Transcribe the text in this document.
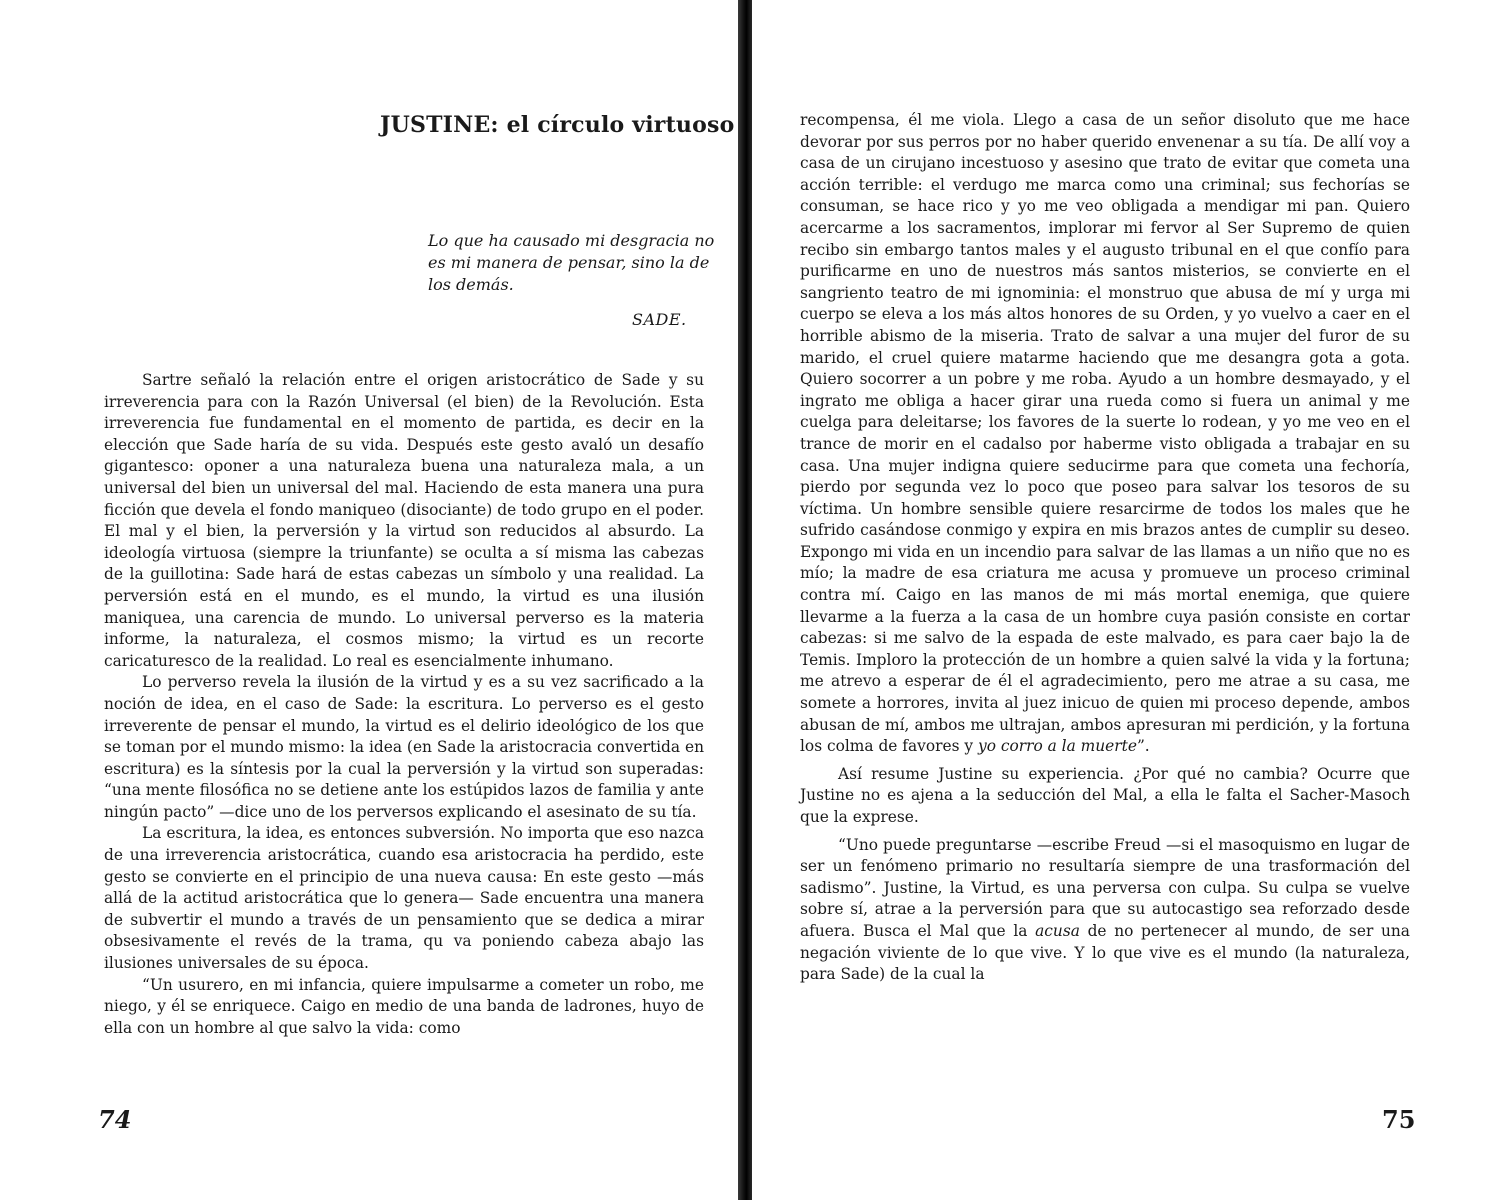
JUSTINE: el círculo virtuoso
Lo que ha causado mi desgracia no es mi manera de pensar, sino la de los demás.
SADE.

Sartre señaló la relación entre el origen aristocrático de Sade y su irreverencia para con la Razón Universal (el bien) de la Revolución. Esta irreverencia fue fundamental en el momento de partida, es decir en la elección que Sade haría de su vida. Después este gesto avaló un desafío gigantesco: oponer a una naturaleza buena una naturaleza mala, a un universal del bien un universal del mal. Haciendo de esta manera una pura ficción que devela el fondo maniqueo (disociante) de todo grupo en el poder. El mal y el bien, la perversión y la virtud son reducidos al absurdo. La ideología virtuosa (siempre la triunfante) se oculta a sí misma las cabezas de la guillotina: Sade hará de estas cabezas un símbolo y una realidad. La perversión está en el mundo, es el mundo, la virtud es una ilusión maniquea, una carencia de mundo. Lo universal perverso es la materia informe, la naturaleza, el cosmos mismo; la virtud es un recorte caricaturesco de la realidad. Lo real es esencialmente inhumano.

Lo perverso revela la ilusión de la virtud y es a su vez sacrificado a la noción de idea, en el caso de Sade: la escritura. Lo perverso es el gesto irreverente de pensar el mundo, la virtud es el delirio ideológico de los que se toman por el mundo mismo: la idea (en Sade la aristocracia convertida en escritura) es la síntesis por la cual la perversión y la virtud son superadas: “una mente filosófica no se detiene ante los estúpidos lazos de familia y ante ningún pacto” —dice uno de los perversos explicando el asesinato de su tía.

La escritura, la idea, es entonces subversión. No importa que eso nazca de una irreverencia aristocrática, cuando esa aristocracia ha perdido, este gesto se convierte en el principio de una nueva causa: En este gesto —más allá de la actitud aristocrática que lo genera— Sade encuentra una manera de subvertir el mundo a través de un pensamiento que se dedica a mirar obsesivamente el revés de la trama, qu va poniendo cabeza abajo las ilusiones universales de su época.

“Un usurero, en mi infancia, quiere impulsarme a cometer un robo, me niego, y él se enriquece. Caigo en medio de una banda de ladrones, huyo de ella con un hombre al que salvo la vida: como

74

recompensa, él me viola. Llego a casa de un señor disoluto que me hace devorar por sus perros por no haber querido envenenar a su tía. De allí voy a casa de un cirujano incestuoso y asesino que trato de evitar que cometa una acción terrible: el verdugo me marca como una criminal; sus fechorías se consuman, se hace rico y yo me veo obligada a mendigar mi pan. Quiero acercarme a los sacramentos, implorar mi fervor al Ser Supremo de quien recibo sin embargo tantos males y el augusto tribunal en el que confío para purificarme en uno de nuestros más santos misterios, se convierte en el sangriento teatro de mi ignominia: el monstruo que abusa de mí y urga mi cuerpo se eleva a los más altos honores de su Orden, y yo vuelvo a caer en el horrible abismo de la miseria. Trato de salvar a una mujer del furor de su marido, el cruel quiere matarme haciendo que me desangra gota a gota. Quiero socorrer a un pobre y me roba. Ayudo a un hombre desmayado, y el ingrato me obliga a hacer girar una rueda como si fuera un animal y me cuelga para deleitarse; los favores de la suerte lo rodean, y yo me veo en el trance de morir en el cadalso por haberme visto obligada a trabajar en su casa. Una mujer indigna quiere seducirme para que cometa una fechoría, pierdo por segunda vez lo poco que poseo para salvar los tesoros de su víctima. Un hombre sensible quiere resarcirme de todos los males que he sufrido casándose conmigo y expira en mis brazos antes de cumplir su deseo. Expongo mi vida en un incendio para salvar de las llamas a un niño que no es mío; la madre de esa criatura me acusa y promueve un proceso criminal contra mí. Caigo en las manos de mi más mortal enemiga, que quiere llevarme a la fuerza a la casa de un hombre cuya pasión consiste en cortar cabezas: si me salvo de la espada de este malvado, es para caer bajo la de Temis. Imploro la protección de un hombre a quien salvé la vida y la fortuna; me atrevo a esperar de él el agradecimiento, pero me atrae a su casa, me somete a horrores, invita al juez inicuo de quien mi proceso depende, ambos abusan de mí, ambos me ultrajan, ambos apresuran mi perdición, y la fortuna los colma de favores y yo corro a la muerte”.

Así resume Justine su experiencia. ¿Por qué no cambia? Ocurre que Justine no es ajena a la seducción del Mal, a ella le falta el Sacher-Masoch que la exprese.

“Uno puede preguntarse —escribe Freud —si el masoquismo en lugar de ser un fenómeno primario no resultaría siempre de una trasformación del sadismo”. Justine, la Virtud, es una perversa con culpa. Su culpa se vuelve sobre sí, atrae a la perversión para que su autocastigo sea reforzado desde afuera. Busca el Mal que la acusa de no pertenecer al mundo, de ser una negación viviente de lo que vive. Y lo que vive es el mundo (la naturaleza, para Sade) de la cual la

75
